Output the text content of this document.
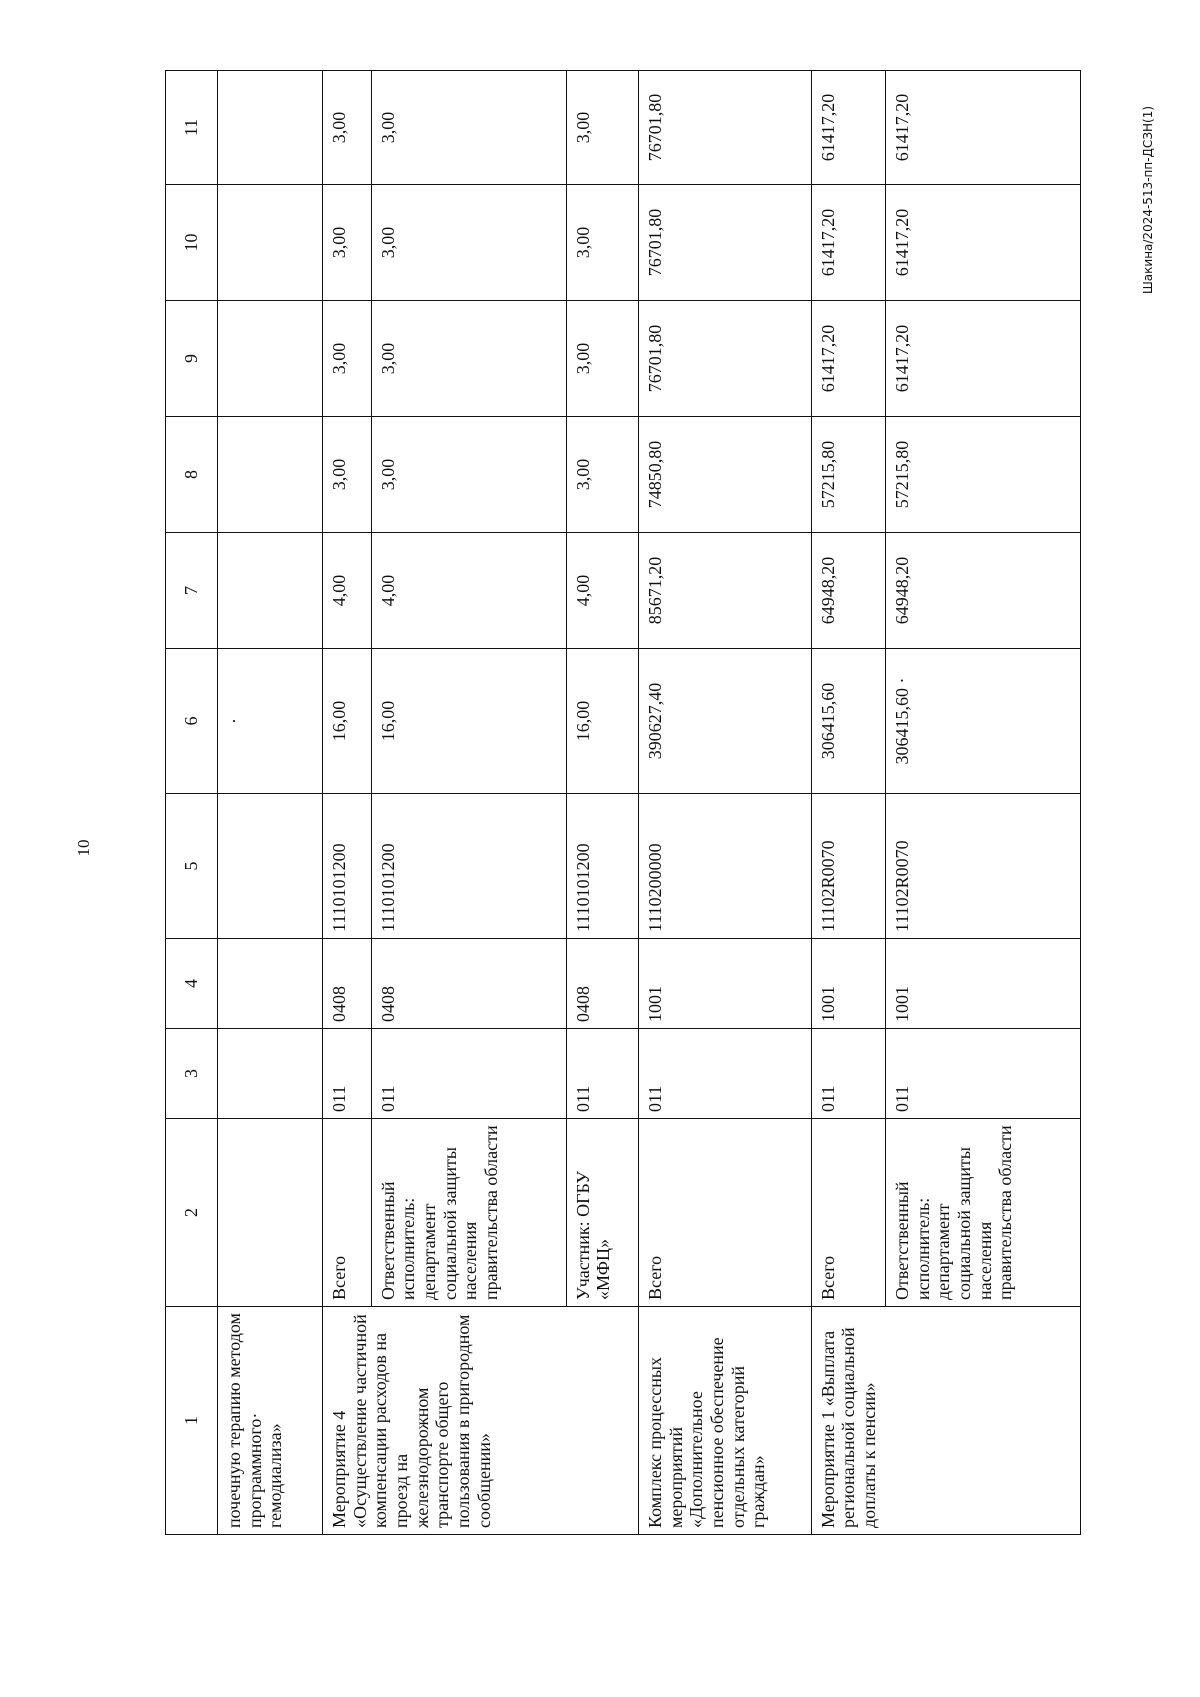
10
Шакина/2024-513-пп-ДСЗН(1)
1	2	3	4	5	6	7	8	9	10	11
почечную терапию методом программного· гемодиализа»					·					
Мероприятие 4 «Осуществление частичной компенсации расходов на проезд на железнодорожном транспорте общего пользования в пригородном сообщении»	Всего	011	0408	1110101200	16,00	4,00	3,00	3,00	3,00	3,00
	Ответственный исполнитель: департамент социальной защиты населения правительства области	011	0408	1110101200	16,00	4,00	3,00	3,00	3,00	3,00
	Участник: ОГБУ «МФЦ»	011	0408	1110101200	16,00	4,00	3,00	3,00	3,00	3,00
Комплекс процессных мероприятий «Дополнительное пенсионное обеспечение отдельных категорий граждан»	Всего	011	1001	1110200000	390627,40	85671,20	74850,80	76701,80	76701,80	76701,80
Мероприятие 1 «Выплата региональной социальной доплаты к пенсии»	Всего	011	1001	11102R0070	306415,60	64948,20	57215,80	61417,20	61417,20	61417,20
	Ответственный исполнитель: департамент социальной защиты населения правительства области	011	1001	11102R0070	306415,60 ·	64948,20	57215,80	61417,20	61417,20	61417,20
